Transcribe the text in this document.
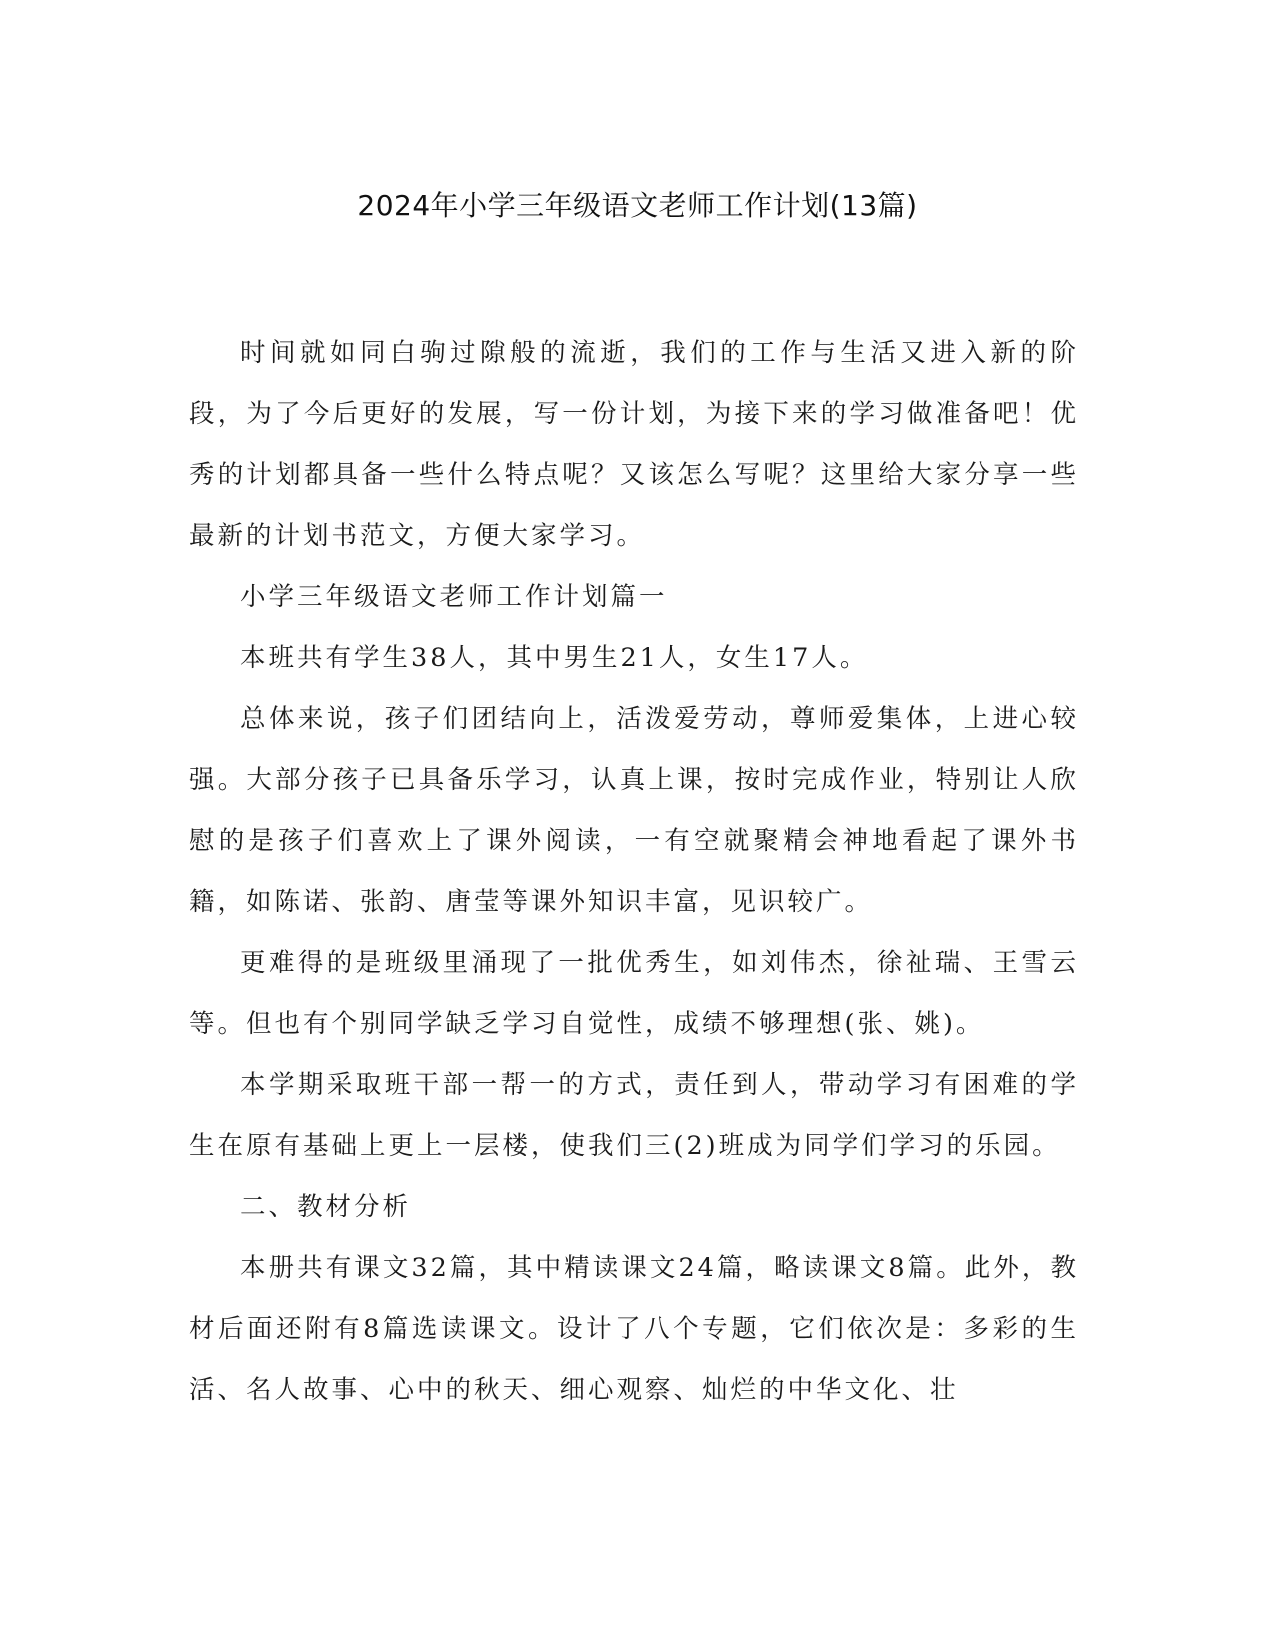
2024年小学三年级语文老师工作计划(13篇)

时间就如同白驹过隙般的流逝，我们的工作与生活又进入新的阶段，为了今后更好的发展，写一份计划，为接下来的学习做准备吧！优秀的计划都具备一些什么特点呢？又该怎么写呢？这里给大家分享一些最新的计划书范文，方便大家学习。

小学三年级语文老师工作计划篇一

本班共有学生38人，其中男生21人，女生17人。

总体来说，孩子们团结向上，活泼爱劳动，尊师爱集体，上进心较强。大部分孩子已具备乐学习，认真上课，按时完成作业，特别让人欣慰的是孩子们喜欢上了课外阅读，一有空就聚精会神地看起了课外书籍，如陈诺、张韵、唐莹等课外知识丰富，见识较广。

更难得的是班级里涌现了一批优秀生，如刘伟杰，徐祉瑞、王雪云等。但也有个别同学缺乏学习自觉性，成绩不够理想(张、姚)。

本学期采取班干部一帮一的方式，责任到人，带动学习有困难的学生在原有基础上更上一层楼，使我们三(2)班成为同学们学习的乐园。

二、教材分析

本册共有课文32篇，其中精读课文24篇，略读课文8篇。此外，教材后面还附有8篇选读课文。设计了八个专题，它们依次是：多彩的生活、名人故事、心中的秋天、细心观察、灿烂的中华文化、壮
